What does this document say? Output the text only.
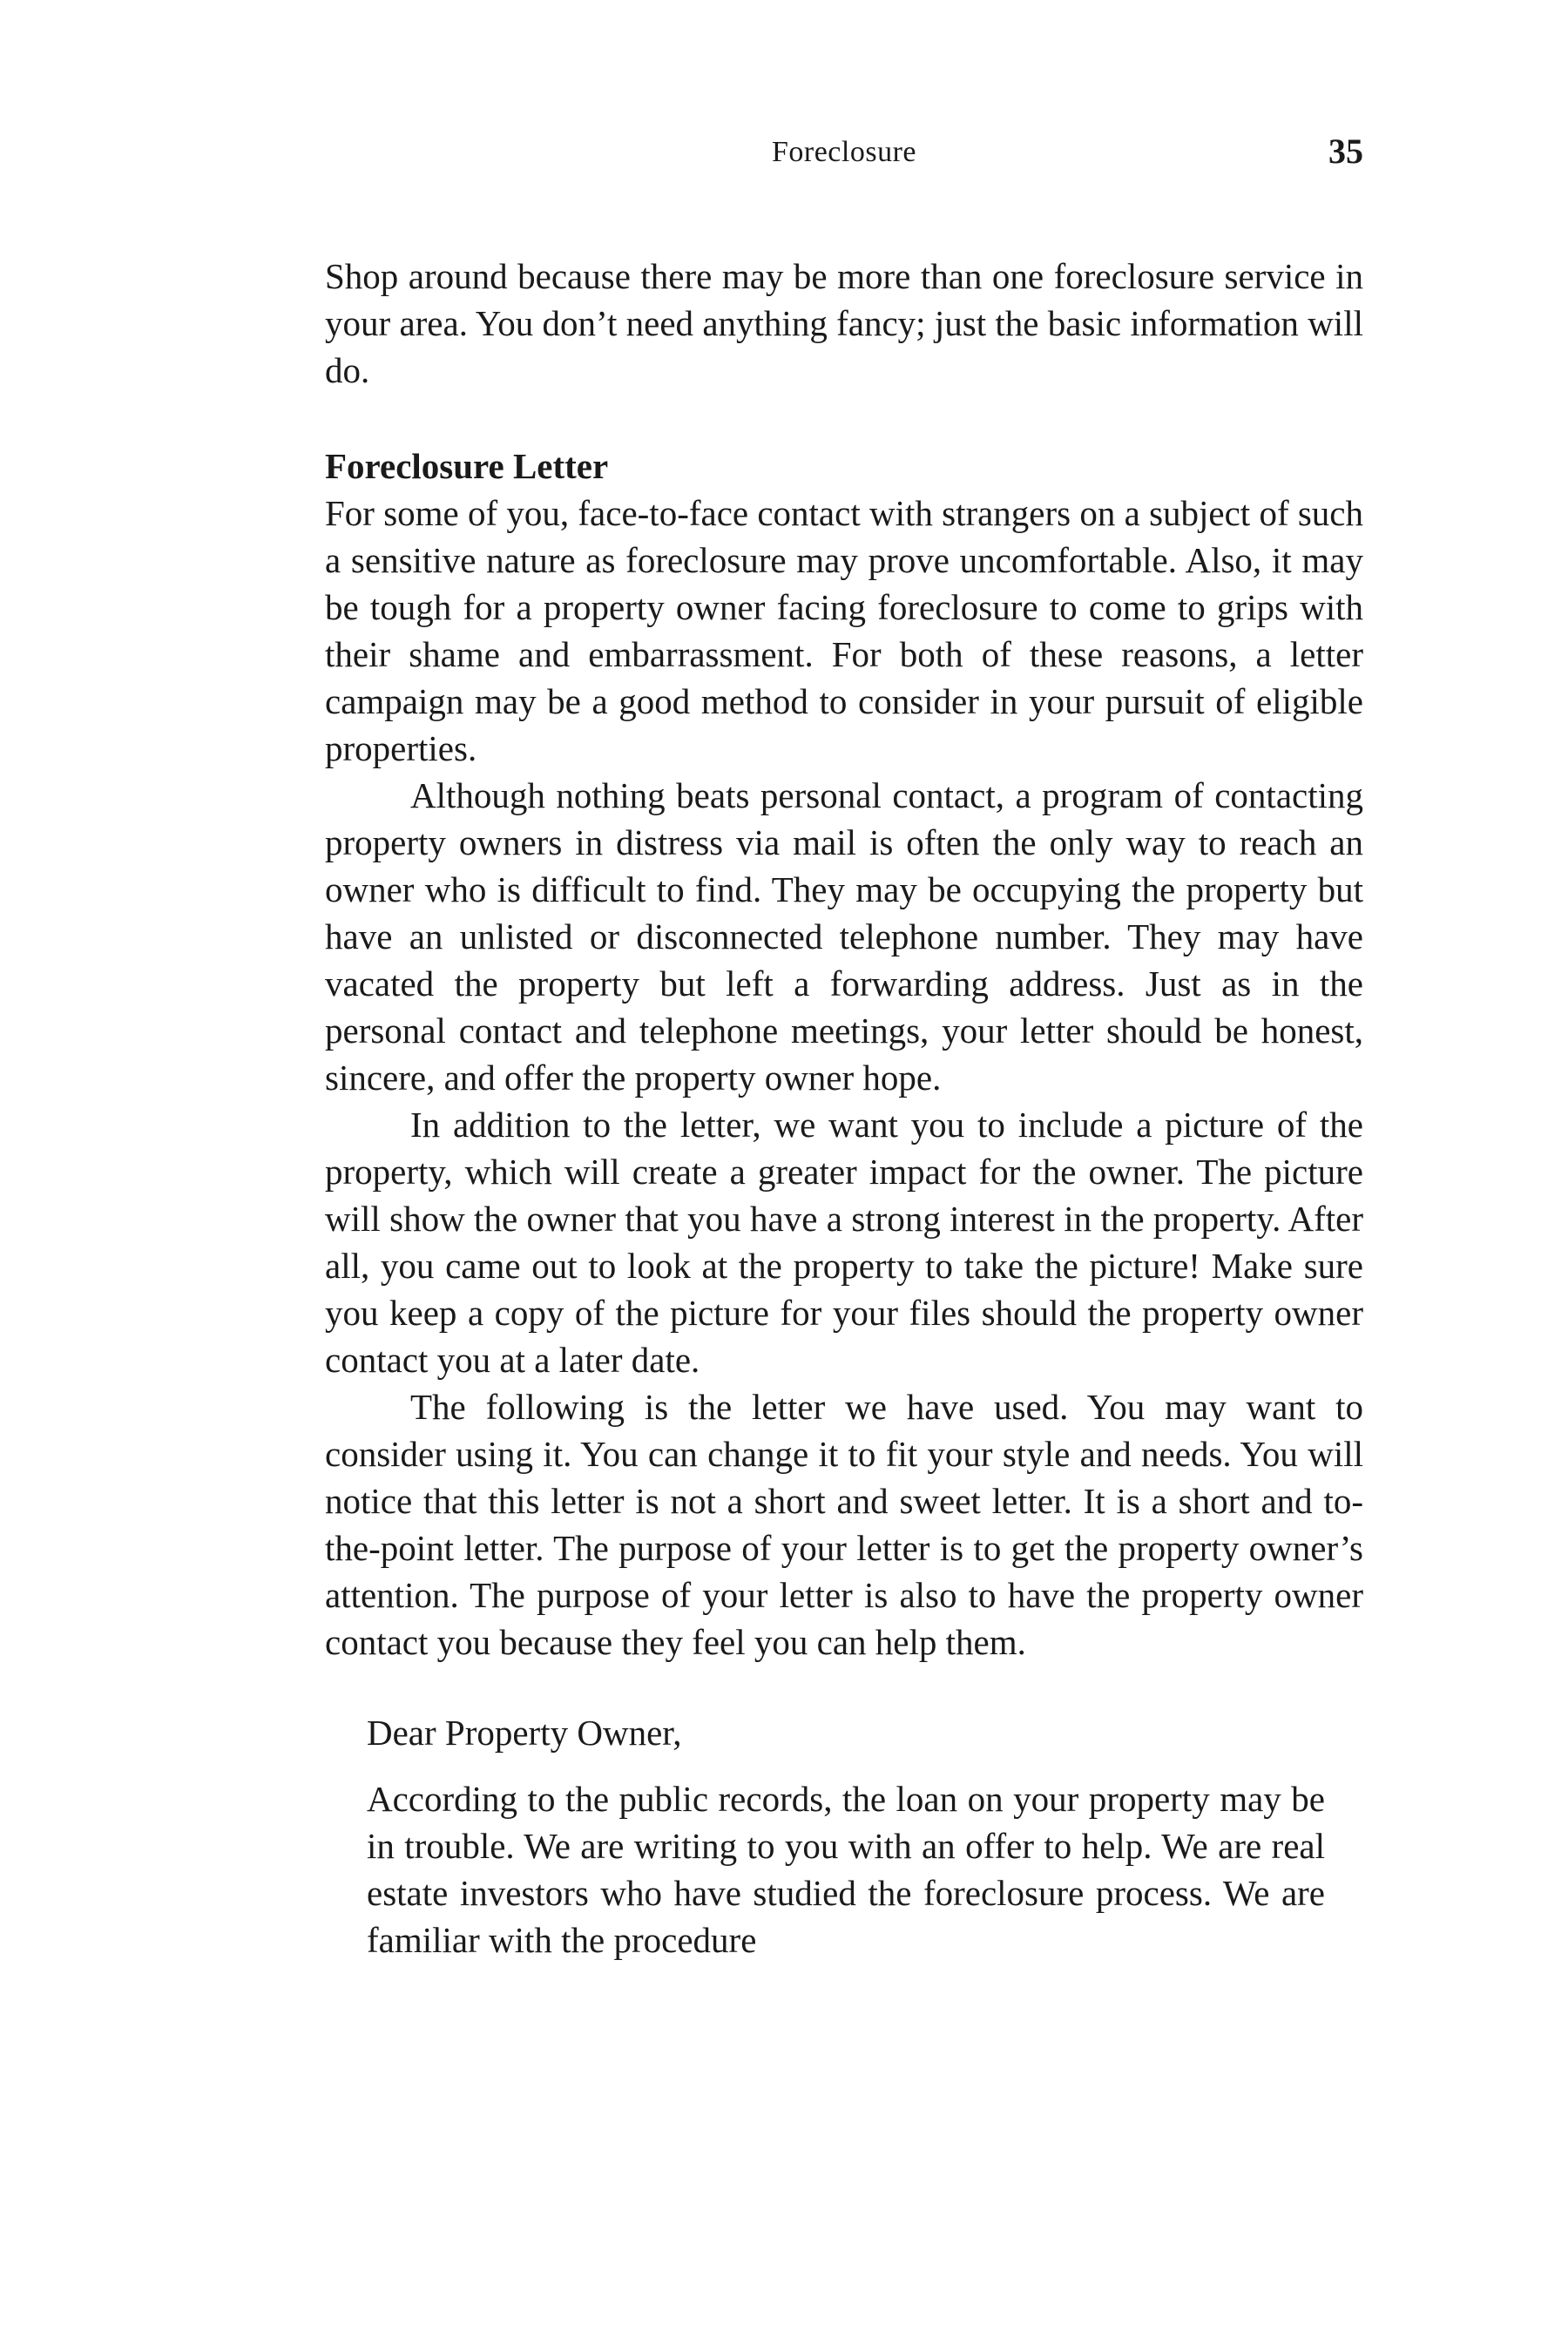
Foreclosure	35

Shop around because there may be more than one foreclosure service in your area. You don’t need anything fancy; just the basic information will do.

Foreclosure Letter

For some of you, face-to-face contact with strangers on a subject of such a sensitive nature as foreclosure may prove uncomfortable. Also, it may be tough for a property owner facing foreclosure to come to grips with their shame and embarrassment. For both of these reasons, a letter campaign may be a good method to consider in your pursuit of eligible properties.

Although nothing beats personal contact, a program of contacting property owners in distress via mail is often the only way to reach an owner who is difficult to find. They may be occupying the property but have an unlisted or disconnected telephone number. They may have vacated the property but left a forwarding address. Just as in the personal contact and telephone meetings, your letter should be honest, sincere, and offer the property owner hope.

In addition to the letter, we want you to include a picture of the property, which will create a greater impact for the owner. The picture will show the owner that you have a strong interest in the property. After all, you came out to look at the property to take the picture! Make sure you keep a copy of the picture for your files should the property owner contact you at a later date.

The following is the letter we have used. You may want to consider using it. You can change it to fit your style and needs. You will notice that this letter is not a short and sweet letter. It is a short and to-the-point letter. The purpose of your letter is to get the property owner’s attention. The purpose of your letter is also to have the property owner contact you because they feel you can help them.

Dear Property Owner,

According to the public records, the loan on your property may be in trouble. We are writing to you with an offer to help. We are real estate investors who have studied the foreclosure process. We are familiar with the procedure
